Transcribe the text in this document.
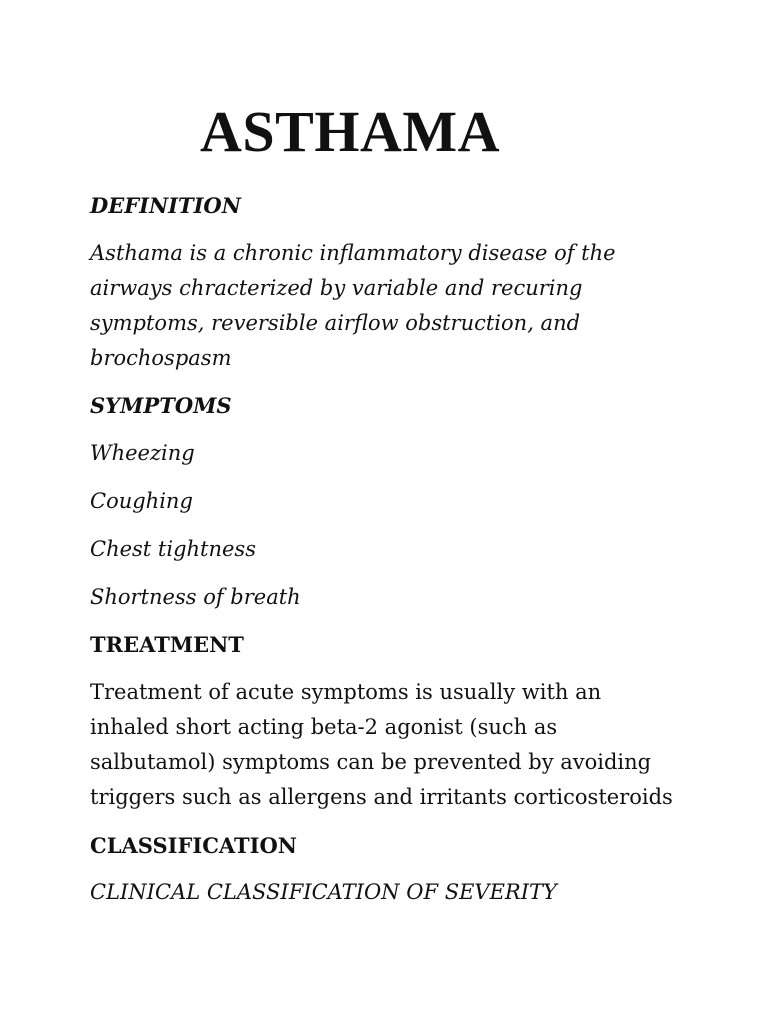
ASTHAMA

DEFINITION

Asthama is a chronic inflammatory disease of the
airways chracterized by variable and recuring
symptoms, reversible airflow obstruction, and
brochospasm

SYMPTOMS

Wheezing

Coughing

Chest tightness

Shortness of breath

TREATMENT

Treatment of acute symptoms is usually with an
inhaled short acting beta-2 agonist (such as
salbutamol) symptoms can be prevented by avoiding
triggers such as allergens and irritants corticosteroids

CLASSIFICATION

CLINICAL CLASSIFICATION OF SEVERITY
